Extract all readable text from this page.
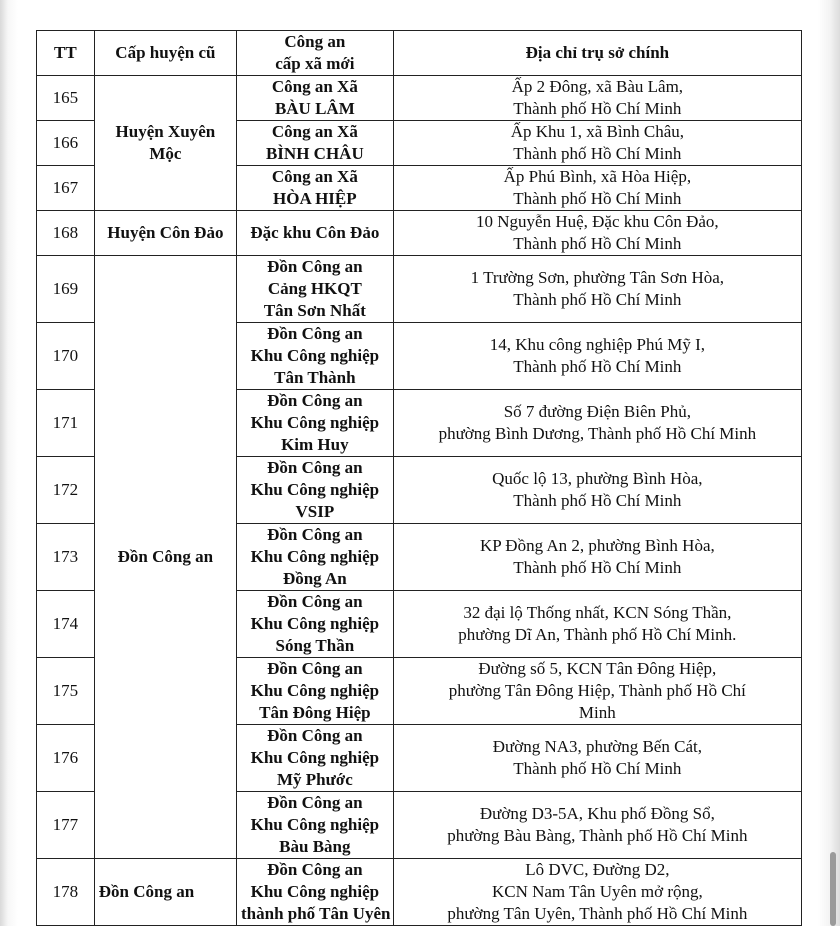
TT	Cấp huyện cũ	Công an
cấp xã mới	Địa chỉ trụ sở chính
165	Huyện Xuyên Mộc	Công an Xã
BÀU LÂM	Ấp 2 Đông, xã Bàu Lâm,
Thành phố Hồ Chí Minh

166		Công an Xã
BÌNH CHÂU	Ấp Khu 1, xã Bình Châu,
Thành phố Hồ Chí Minh

167		Công an Xã
HÒA HIỆP	Ấp Phú Bình, xã Hòa Hiệp,
Thành phố Hồ Chí Minh

168	Huyện Côn Đảo	Đặc khu Côn Đảo	10 Nguyễn Huệ, Đặc khu Côn Đảo,
Thành phố Hồ Chí Minh

169	Đồn Công an	Đồn Công an
Cảng HKQT
Tân Sơn Nhất	1 Trường Sơn, phường Tân Sơn Hòa,
Thành phố Hồ Chí Minh

170		Đồn Công an
Khu Công nghiệp
Tân Thành	14, Khu công nghiệp Phú Mỹ I,
Thành phố Hồ Chí Minh

171		Đồn Công an
Khu Công nghiệp
Kim Huy	Số 7 đường Điện Biên Phủ,
phường Bình Dương, Thành phố Hồ Chí Minh

172		Đồn Công an
Khu Công nghiệp
VSIP	Quốc lộ 13, phường Bình Hòa,
Thành phố Hồ Chí Minh

173		Đồn Công an
Khu Công nghiệp
Đồng An	KP Đồng An 2, phường Bình Hòa,
Thành phố Hồ Chí Minh

174		Đồn Công an
Khu Công nghiệp
Sóng Thần	32 đại lộ Thống nhất, KCN Sóng Thần,
phường Dĩ An, Thành phố Hồ Chí Minh.

175		Đồn Công an
Khu Công nghiệp
Tân Đông Hiệp	Đường số 5, KCN Tân Đông Hiệp,
phường Tân Đông Hiệp, Thành phố Hồ Chí
Minh

176		Đồn Công an
Khu Công nghiệp
Mỹ Phước	Đường NA3, phường Bến Cát,
Thành phố Hồ Chí Minh

177		Đồn Công an
Khu Công nghiệp
Bàu Bàng	Đường D3-5A, Khu phố Đồng Sổ,
phường Bàu Bàng, Thành phố Hồ Chí Minh

178	Đồn Công an	Đồn Công an
Khu Công nghiệp
thành phố Tân Uyên	Lô DVC, Đường D2,
KCN Nam Tân Uyên mở rộng,
phường Tân Uyên, Thành phố Hồ Chí Minh
